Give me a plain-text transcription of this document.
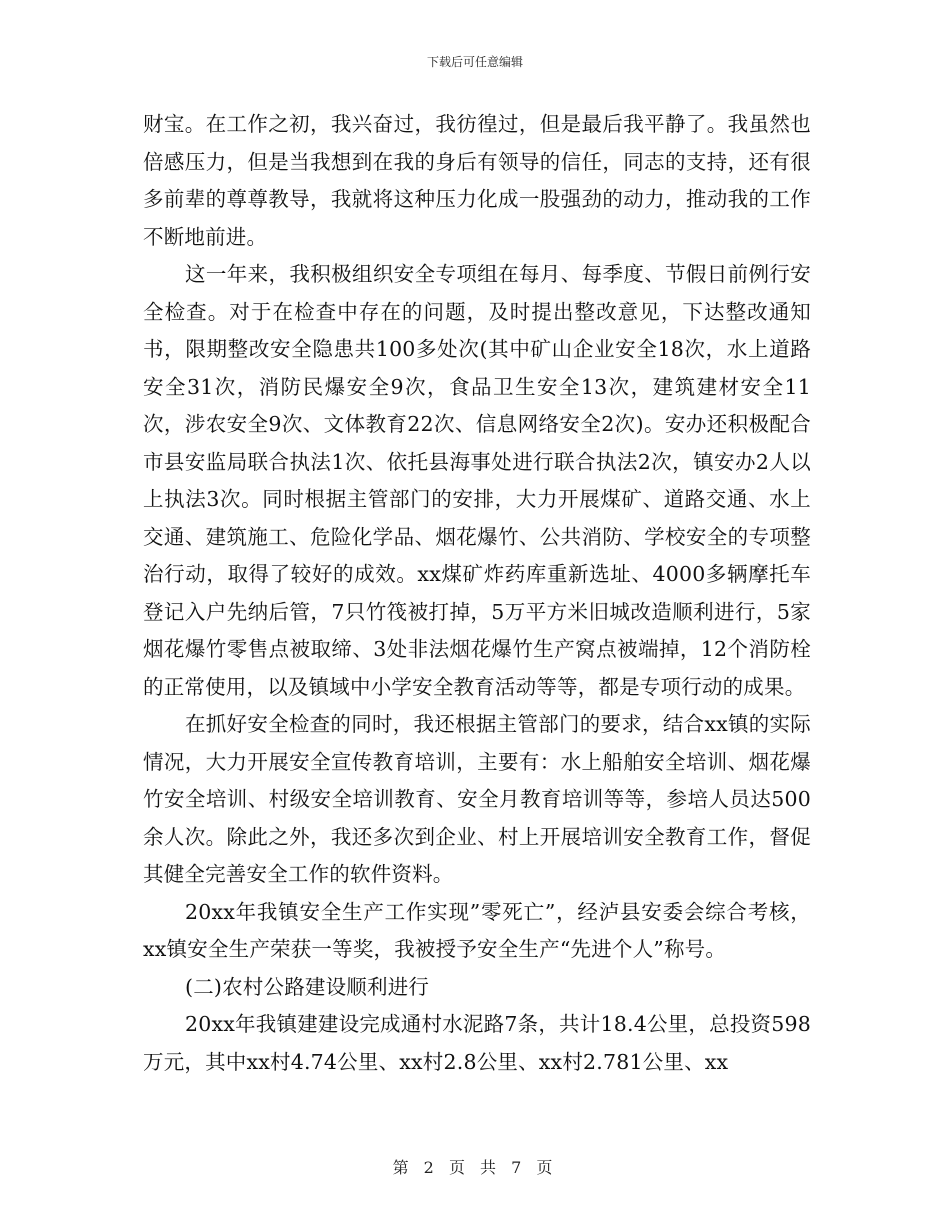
下载后可任意编辑

财宝。在工作之初，我兴奋过，我彷徨过，但是最后我平静了。我虽然也倍感压力，但是当我想到在我的身后有领导的信任，同志的支持，还有很多前辈的尊尊教导，我就将这种压力化成一股强劲的动力，推动我的工作不断地前进。

这一年来，我积极组织安全专项组在每月、每季度、节假日前例行安全检查。对于在检查中存在的问题，及时提出整改意见，下达整改通知书，限期整改安全隐患共100多处次(其中矿山企业安全18次，水上道路安全31次，消防民爆安全9次，食品卫生安全13次，建筑建材安全11次，涉农安全9次、文体教育22次、信息网络安全2次)。安办还积极配合市县安监局联合执法1次、依托县海事处进行联合执法2次，镇安办2人以上执法3次。同时根据主管部门的安排，大力开展煤矿、道路交通、水上交通、建筑施工、危险化学品、烟花爆竹、公共消防、学校安全的专项整治行动，取得了较好的成效。xx煤矿炸药库重新选址、4000多辆摩托车登记入户先纳后管，7只竹筏被打掉，5万平方米旧城改造顺利进行，5家烟花爆竹零售点被取缔、3处非法烟花爆竹生产窝点被端掉，12个消防栓的正常使用，以及镇域中小学安全教育活动等等，都是专项行动的成果。

在抓好安全检查的同时，我还根据主管部门的要求，结合xx镇的实际情况，大力开展安全宣传教育培训，主要有：水上船舶安全培训、烟花爆竹安全培训、村级安全培训教育、安全月教育培训等等，参培人员达500余人次。除此之外，我还多次到企业、村上开展培训安全教育工作，督促其健全完善安全工作的软件资料。

20xx年我镇安全生产工作实现”零死亡”，经泸县安委会综合考核，xx镇安全生产荣获一等奖，我被授予安全生产“先进个人”称号。

(二)农村公路建设顺利进行

20xx年我镇建建设完成通村水泥路7条，共计18.4公里，总投资598万元，其中xx村4.74公里、xx村2.8公里、xx村2.781公里、xx

第 2 页 共 7 页
